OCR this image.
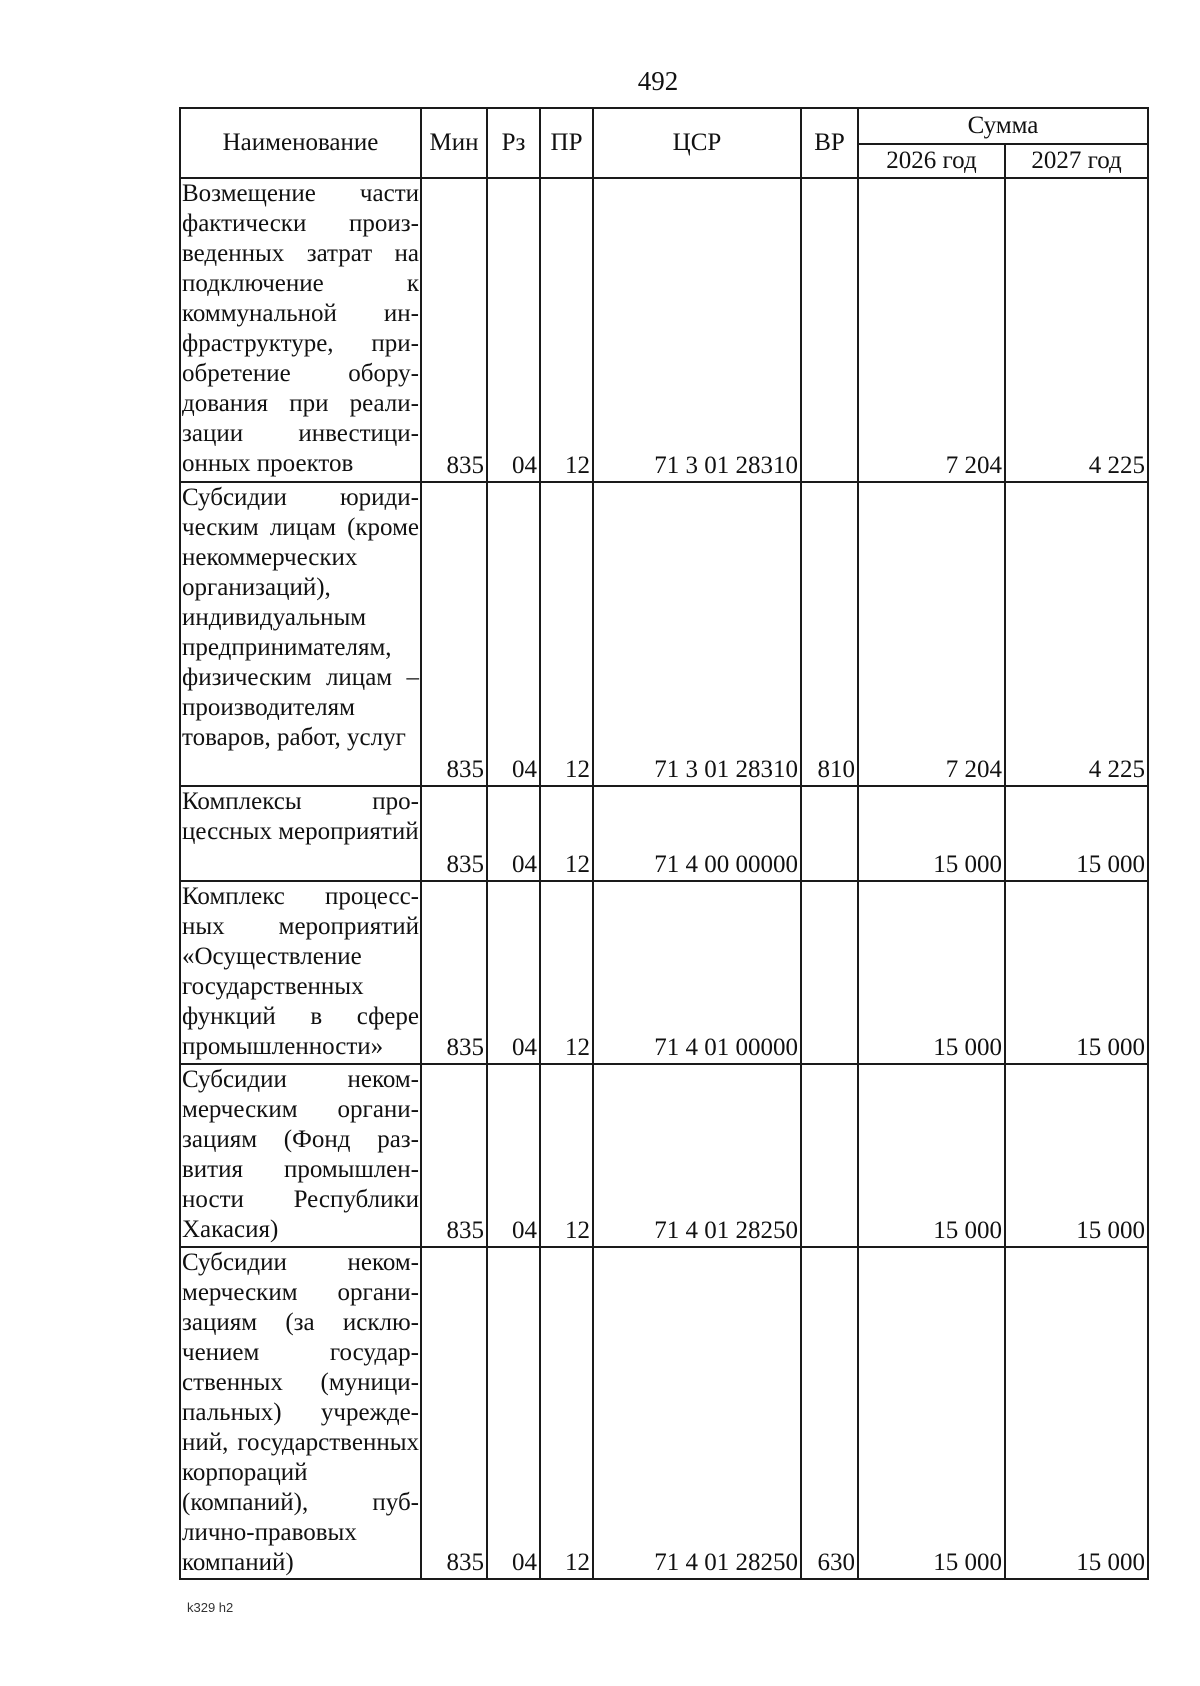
492
Наименование	Мин	Рз	ПР	ЦСР	ВР	Сумма	
						2026 год	2027 год
Возмещение части фактически произведенных затрат на подключение к коммунальной инфраструктуре, приобретение оборудования при реализации инвестиционных проектов	835	04	12	71 3 01 28310		7 204	4 225
Субсидии юридическим лицам (кроме некоммерческих организаций), индивидуальным предпринимателям, физическим лицам – производителям товаров, работ, услуг	835	04	12	71 3 01 28310	810	7 204	4 225
Комплексы процессных мероприятий	835	04	12	71 4 00 00000		15 000	15 000
Комплекс процессных мероприятий «Осуществление государственных функций в сфере промышленности»	835	04	12	71 4 01 00000		15 000	15 000
Субсидии некоммерческим организациям (Фонд развития промышленности Республики Хакасия)	835	04	12	71 4 01 28250		15 000	15 000
Субсидии некоммерческим организациям (за исключением государственных (муниципальных) учреждений, государственных корпораций (компаний), публично-правовых компаний)	835	04	12	71 4 01 28250	630	15 000	15 000
k329 h2
